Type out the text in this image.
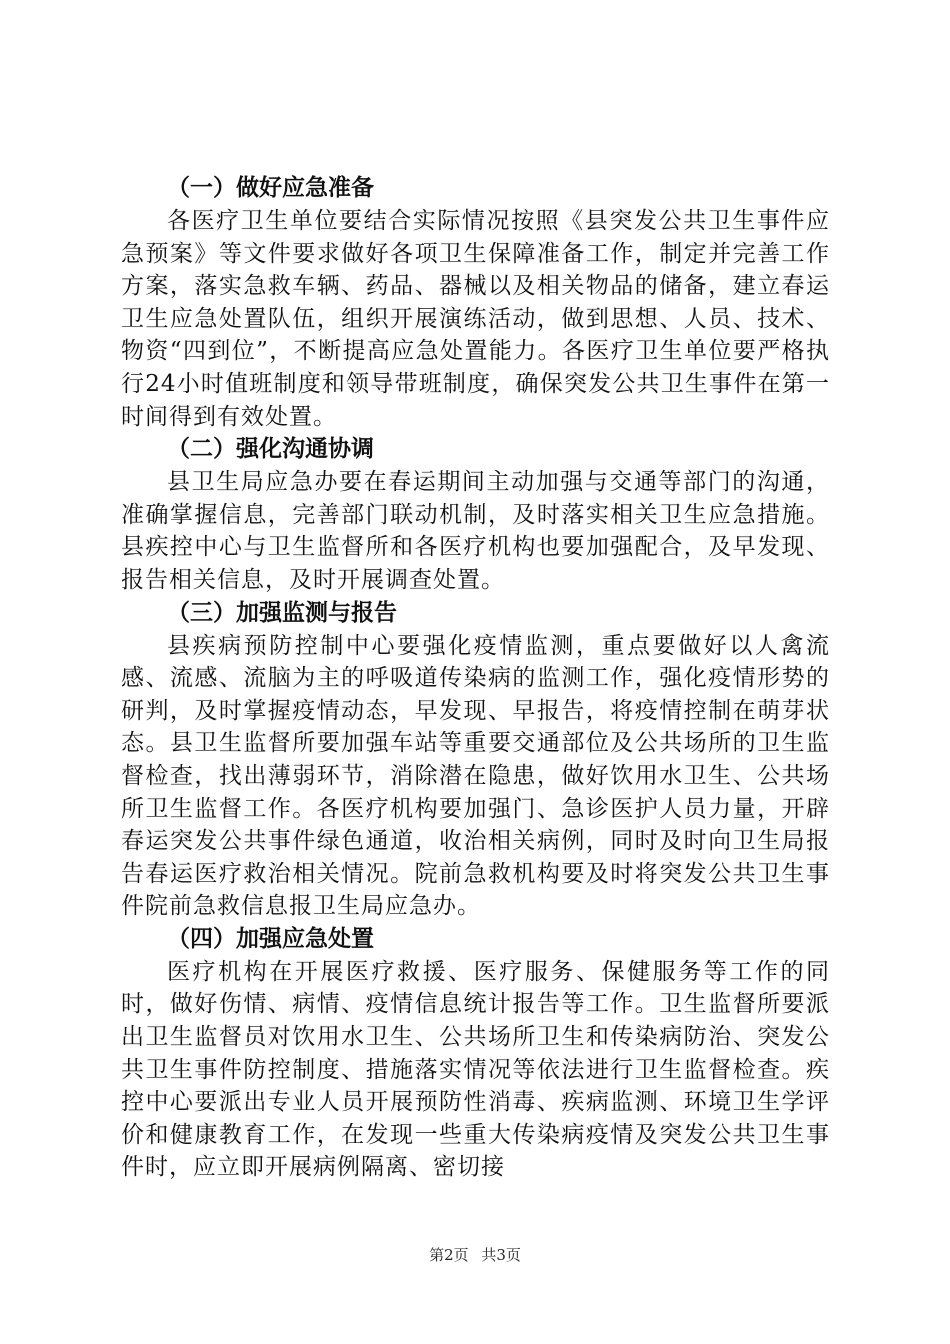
（一）做好应急准备

各医疗卫生单位要结合实际情况按照《县突发公共卫生事件应急预案》等文件要求做好各项卫生保障准备工作，制定并完善工作方案，落实急救车辆、药品、器械以及相关物品的储备，建立春运卫生应急处置队伍，组织开展演练活动，做到思想、人员、技术、物资“四到位”，不断提高应急处置能力。各医疗卫生单位要严格执行24小时值班制度和领导带班制度，确保突发公共卫生事件在第一时间得到有效处置。

（二）强化沟通协调

县卫生局应急办要在春运期间主动加强与交通等部门的沟通，准确掌握信息，完善部门联动机制，及时落实相关卫生应急措施。县疾控中心与卫生监督所和各医疗机构也要加强配合，及早发现、报告相关信息，及时开展调查处置。

（三）加强监测与报告

县疾病预防控制中心要强化疫情监测，重点要做好以人禽流感、流感、流脑为主的呼吸道传染病的监测工作，强化疫情形势的研判，及时掌握疫情动态，早发现、早报告，将疫情控制在萌芽状态。县卫生监督所要加强车站等重要交通部位及公共场所的卫生监督检查，找出薄弱环节，消除潜在隐患，做好饮用水卫生、公共场所卫生监督工作。各医疗机构要加强门、急诊医护人员力量，开辟春运突发公共事件绿色通道，收治相关病例，同时及时向卫生局报告春运医疗救治相关情况。院前急救机构要及时将突发公共卫生事件院前急救信息报卫生局应急办。

（四）加强应急处置

医疗机构在开展医疗救援、医疗服务、保健服务等工作的同时，做好伤情、病情、疫情信息统计报告等工作。卫生监督所要派出卫生监督员对饮用水卫生、公共场所卫生和传染病防治、突发公共卫生事件防控制度、措施落实情况等依法进行卫生监督检查。疾控中心要派出专业人员开展预防性消毒、疾病监测、环境卫生学评价和健康教育工作，在发现一些重大传染病疫情及突发公共卫生事件时，应立即开展病例隔离、密切接

第2页 共3页
